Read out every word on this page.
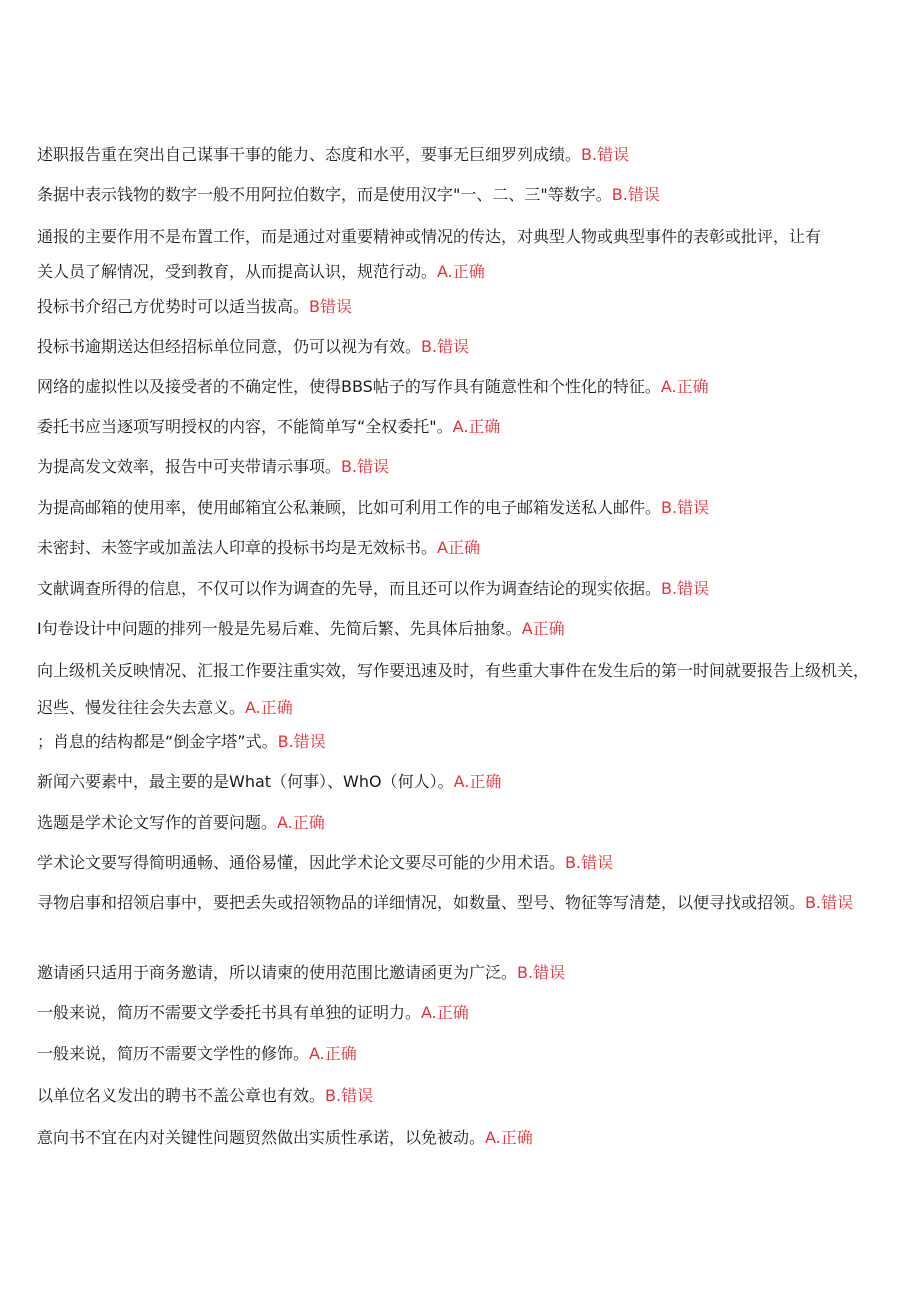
述职报告重在突出自己谋事干事的能力、态度和水平，要事无巨细罗列成绩。B.错误

条据中表示钱物的数字一般不用阿拉伯数字，而是使用汉字"一、二、三"等数字。B.错误

通报的主要作用不是布置工作，而是通过对重要精神或情况的传达，对典型人物或典型事件的表彰或批评，让有关人员了解情况，受到教育，从而提高认识，规范行动。A.正确

投标书介绍己方优势时可以适当拔高。B错误

投标书逾期送达但经招标单位同意，仍可以视为有效。B.错误

网络的虚拟性以及接受者的不确定性，使得BBS帖子的写作具有随意性和个性化的特征。A.正确

委托书应当逐项写明授权的内容，不能简单写“全权委托"。A.正确

为提高发文效率，报告中可夹带请示事项。B.错误

为提高邮箱的使用率，使用邮箱宜公私兼顾，比如可利用工作的电子邮箱发送私人邮件。B.错误

未密封、未签字或加盖法人印章的投标书均是无效标书。A正确

文献调查所得的信息，不仅可以作为调查的先导，而且还可以作为调查结论的现实依据。B.错误

I句卷设计中问题的排列一般是先易后难、先简后繁、先具体后抽象。A正确

向上级机关反映情况、汇报工作要注重实效，写作要迅速及时，有些重大事件在发生后的第一时间就要报告上级机关，迟些、慢发往往会失去意义。A.正确

；肖息的结构都是“倒金字塔”式。B.错误

新闻六要素中，最主要的是What（何事）、WhO（何人）。A.正确

选题是学术论文写作的首要问题。A.正确

学术论文要写得简明通畅、通俗易懂，因此学术论文要尽可能的少用术语。B.错误

寻物启事和招领启事中，要把丢失或招领物品的详细情况，如数量、型号、物征等写清楚，以便寻找或招领。B.错误

邀请函只适用于商务邀请，所以请柬的使用范围比邀请函更为广泛。B.错误

一般来说，简历不需要文学委托书具有单独的证明力。A.正确

一般来说，简历不需要文学性的修饰。A.正确

以单位名义发出的聘书不盖公章也有效。B.错误

意向书不宜在内对关键性问题贸然做出实质性承诺，以免被动。A.正确
